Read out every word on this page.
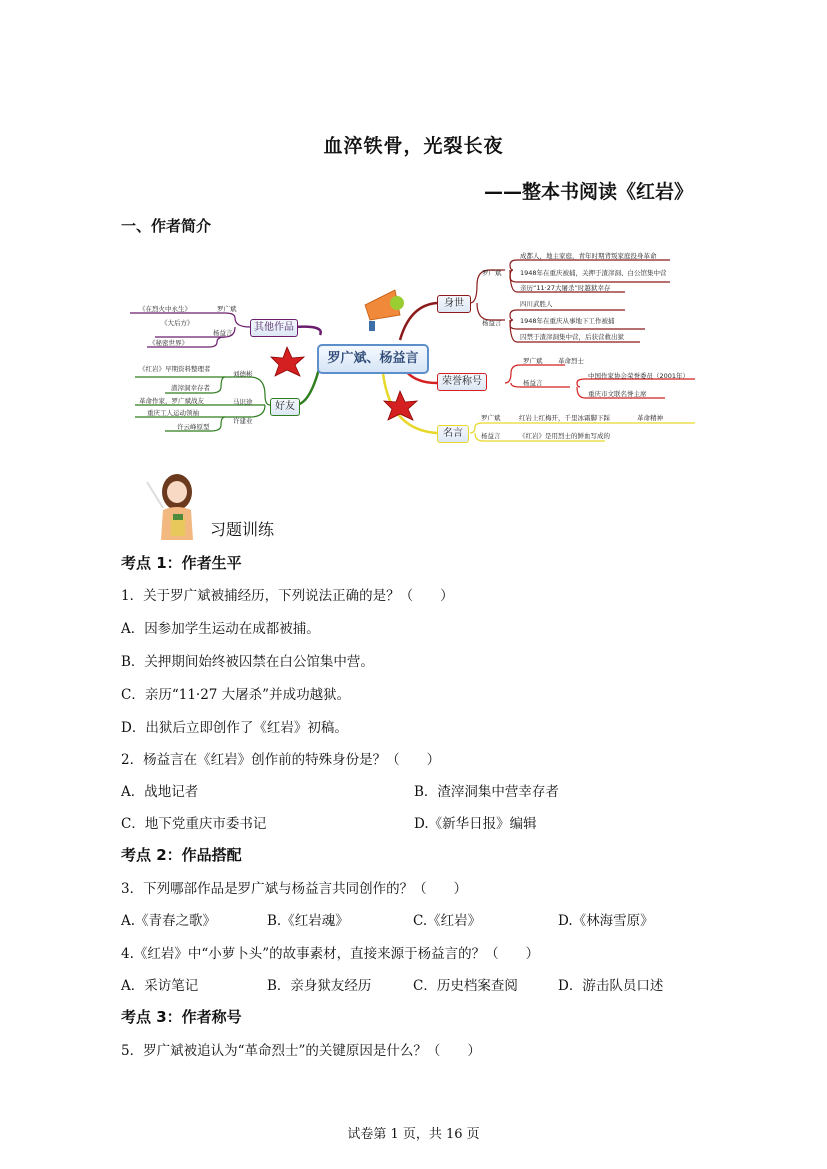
血淬铁骨，光裂长夜
——整本书阅读《红岩》
一、作者简介
罗广斌、杨益言
其他作品
罗广斌
《在烈火中永生》
杨益言
《大后方》
《秘密世界》
好友
刘德彬
《红岩》早期资料整理者
渣滓洞幸存者
马识途
革命作家，罗广斌战友
许建业
重庆工人运动领袖
许云峰原型
身世
罗广斌
成都人，地主家庭，青年时期背叛家庭投身革命
1948年在重庆被捕，关押于渣滓洞、白公馆集中营
亲历“11·27大屠杀”时越狱幸存
杨益言
四川武胜人
1948年在重庆从事地下工作被捕
囚禁于渣滓洞集中营，后获营救出狱
荣誉称号
罗广斌 革命烈士
杨益言
中国作家协会荣誉委员（2001年）
重庆市文联名誉主席
名言
罗广斌	红岩上红梅开，千里冰霜脚下踩	革命精神
杨益言	《红岩》是用烈士的鲜血写成的
习题训练
考点 1：作者生平
1．关于罗广斌被捕经历，下列说法正确的是？（　　）
A．因参加学生运动在成都被捕。
B．关押期间始终被囚禁在白公馆集中营。
C．亲历“11·27 大屠杀”并成功越狱。
D．出狱后立即创作了《红岩》初稿。
2．杨益言在《红岩》创作前的特殊身份是？（　　）
A．战地记者	B．渣滓洞集中营幸存者
C．地下党重庆市委书记	D.《新华日报》编辑
考点 2：作品搭配
3．下列哪部作品是罗广斌与杨益言共同创作的？（　　）
A.《青春之歌》	B.《红岩魂》	C.《红岩》	D.《林海雪原》
4.《红岩》中“小萝卜头”的故事素材，直接来源于杨益言的？（　　）
A．采访笔记	B．亲身狱友经历	C．历史档案查阅	D．游击队员口述
考点 3：作者称号
5．罗广斌被追认为“革命烈士”的关键原因是什么？（　　）
试卷第 1 页，共 16 页
